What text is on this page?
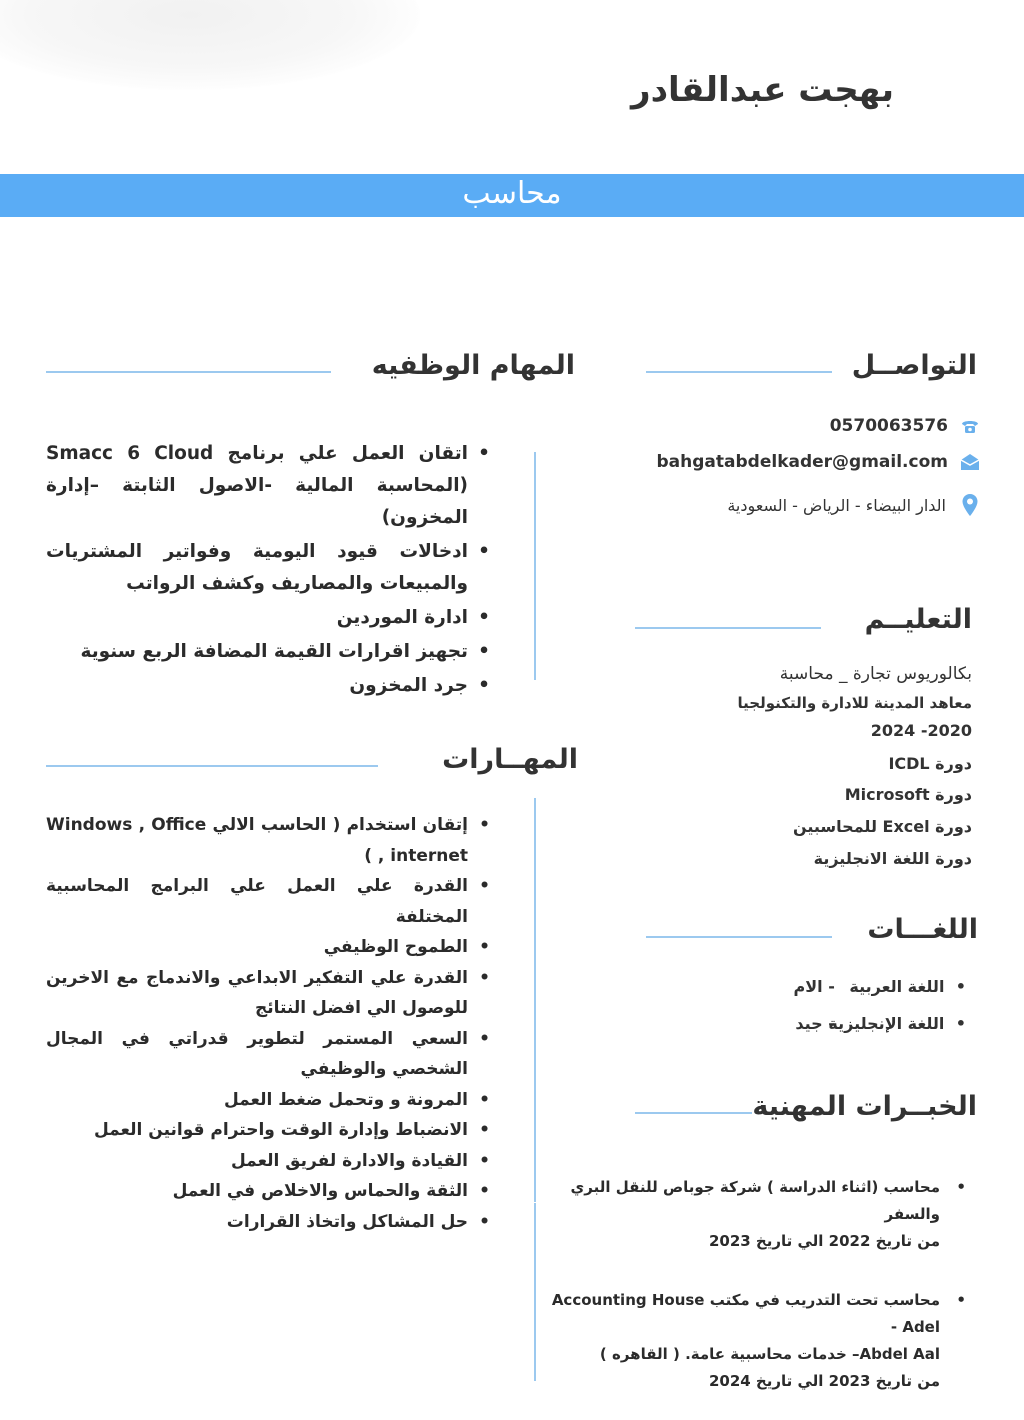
بهجت عبدالقادر
محاسب
التواصــل
0570063576
bahgatabdelkader@gmail.com
الدار البيضاء - الرياض - السعودية
التعليــم
بكالوريوس تجارة _ محاسبة
معاهد المدينة للادارة والتكنولجيا
2020- 2024
دورة ICDL
دورة Microsoft
دورة Excel للمحاسبين
دورة اللغة الانجليزية
اللغـــات
• اللغة العربية - الام
• اللغة الإنجليزية - جيد
الخبــرات المهنية
• محاسب (اثناء الدراسة ) شركة جوباص للنقل البري والسفر
من تاريخ 2022 الي تاريخ 2023
• محاسب تحت التدريب في مكتب Accounting House - Adel
Abdel Aal– خدمات محاسبية عامة. ( القاهره )
من تاريخ 2023 الي تاريخ 2024
المهام الوظفيه
• اتقان العمل علي برنامج Smacc 6 Cloud (المحاسبة المالية -الاصول الثابتة –إدارة المخزون)
• ادخالات قيود اليومية وفواتير المشتريات والمبيعات والمصاريف وكشف الرواتب
• ادارة الموردين
• تجهيز اقرارات القيمة المضافة الربع سنوية
• جرد المخزون
المهــارات
• إتقان استخدام ( الحاسب الالي Windows , Office , internet )
• القدرة علي العمل علي البرامج المحاسبية المختلفة
• الطموح الوظيفي
• القدرة علي التفكير الابداعي والاندماج مع الاخرين للوصول الي افضل النتائج
• السعي المستمر لتطوير قدراتي في المجال الشخصي والوظيفي
• المرونة و وتحمل ضغط العمل
• الانضباط وإدارة الوقت واحترام قوانين العمل
• القيادة والادارة لفريق العمل
• الثقة والحماس والاخلاص في العمل
• حل المشاكل واتخاذ القرارات
